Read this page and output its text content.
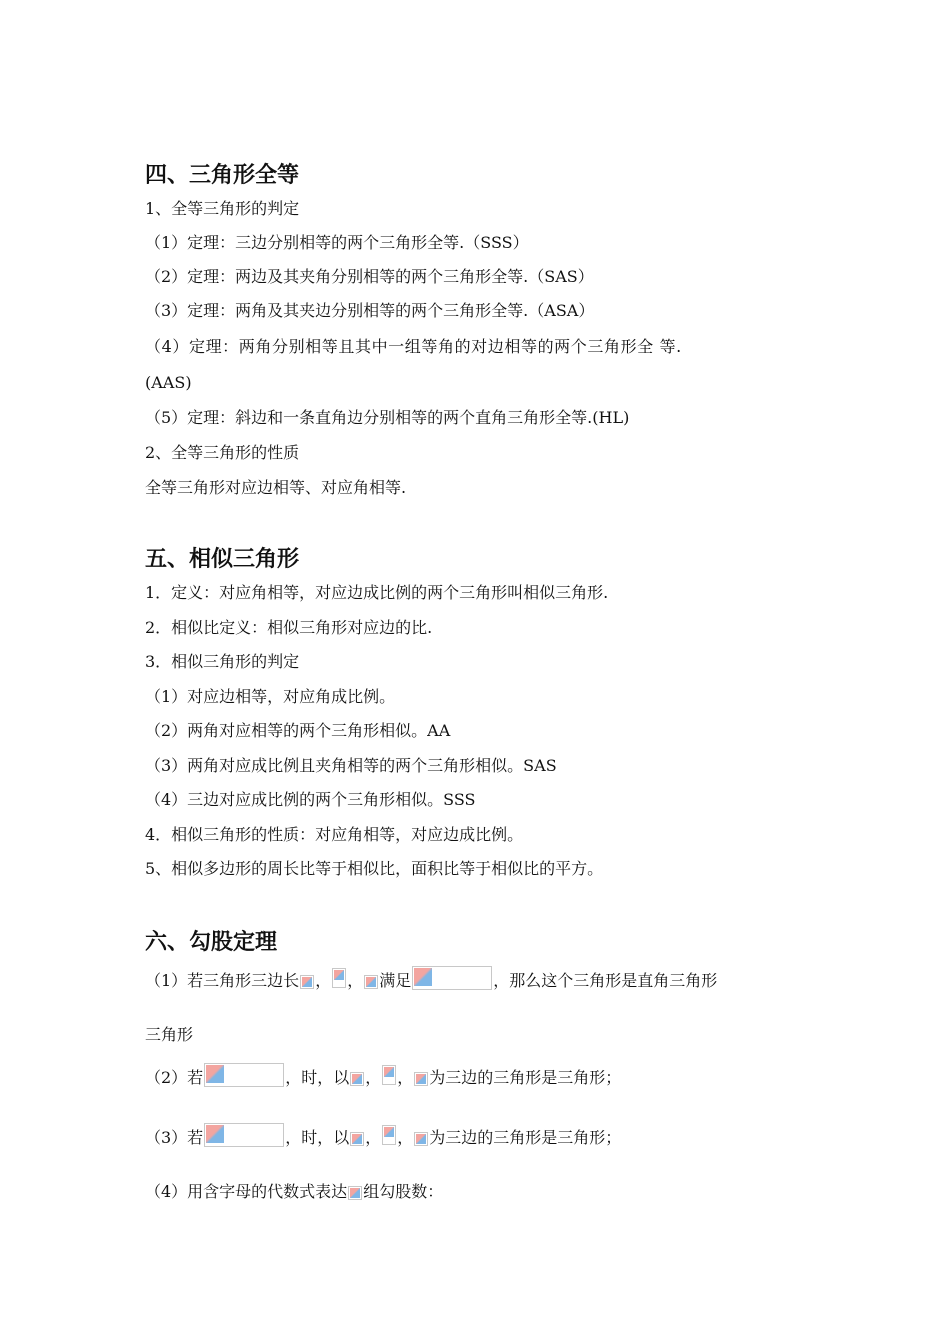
四、三角形全等
1、全等三角形的判定
（1）定理：三边分别相等的两个三角形全等.（SSS）
（2）定理：两边及其夹角分别相等的两个三角形全等.（SAS）
（3）定理：两角及其夹边分别相等的两个三角形全等.（ASA）
（4）定理：两角分别相等且其中一组等角的对边相等的两个三角形全 等.
(AAS)
（5）定理：斜边和一条直角边分别相等的两个直角三角形全等.(HL)
2、全等三角形的性质
全等三角形对应边相等、对应角相等.
五、相似三角形
1．定义：对应角相等，对应边成比例的两个三角形叫相似三角形.
2．相似比定义：相似三角形对应边的比.
3．相似三角形的判定
（1）对应边相等，对应角成比例。
（2）两角对应相等的两个三角形相似。AA
（3）两角对应成比例且夹角相等的两个三角形相似。SAS
（4）三边对应成比例的两个三角形相似。SSS
4．相似三角形的性质：对应角相等，对应边成比例。
5、相似多边形的周长比等于相似比，面积比等于相似比的平方。
六、勾股定理
（1）若三角形三边长 ， ， 满足	，那么这个三角形是直角三角形
三角形
（2）若	，时，以 ， ， 为三边的三角形是三角形；
（3）若	，时，以 ， ， 为三边的三角形是三角形；
（4）用含字母的代数式表达 组勾股数：
